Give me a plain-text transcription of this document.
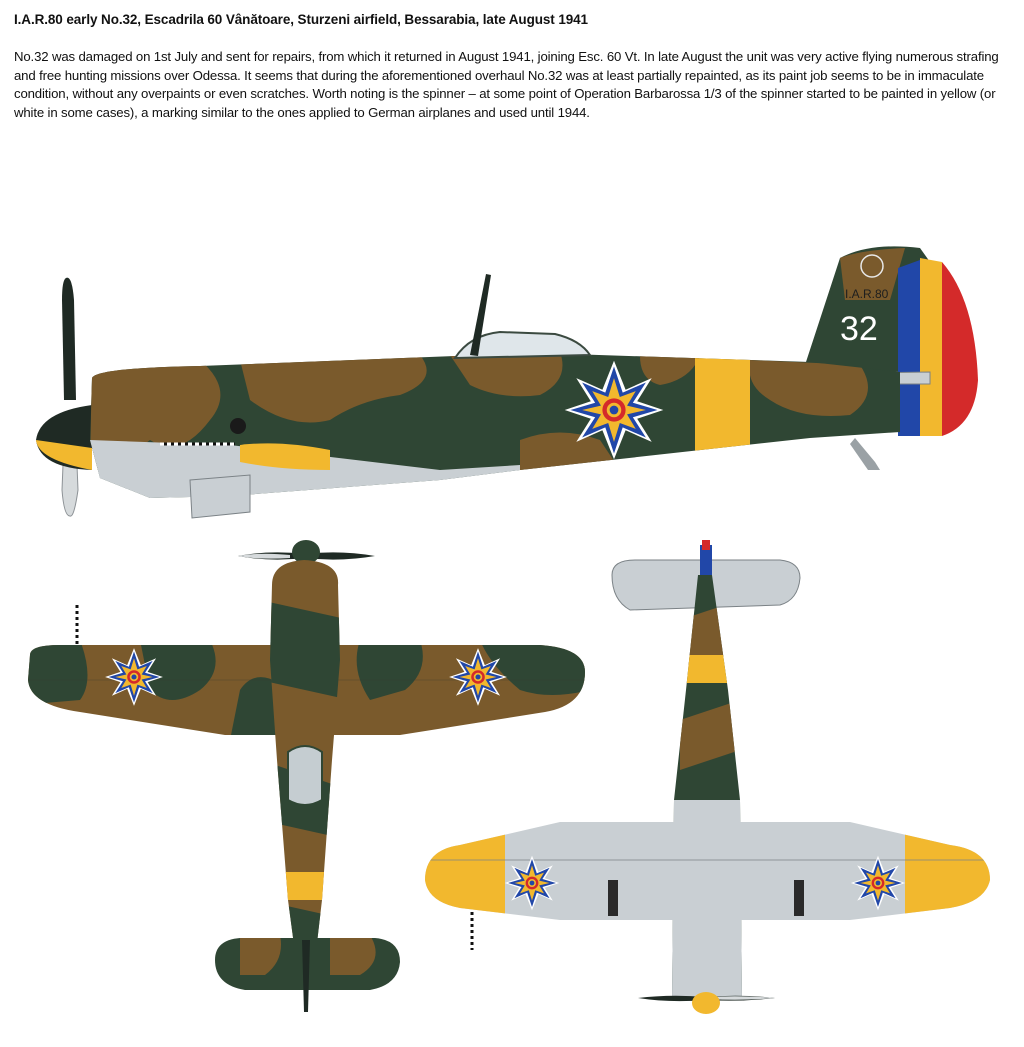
I.A.R.80 early No.32, Escadrila 60 Vânătoare, Sturzeni airfield, Bessarabia, late August 1941
No.32 was damaged on 1st July and sent for repairs, from which it returned in August 1941, joining Esc. 60 Vt. In late August the unit was very active flying numerous strafing and free hunting missions over Odessa. It seems that during the aforementioned overhaul No.32 was at least partially repainted, as its paint job seems to be in immaculate condition, without any overpaints or even scratches. Worth noting is the spinner – at some point of Operation Barbarossa 1/3 of the spinner started to be painted in yellow (or white in some cases), a marking similar to the ones applied to German airplanes and used until 1944.
I.A.R.80
32
